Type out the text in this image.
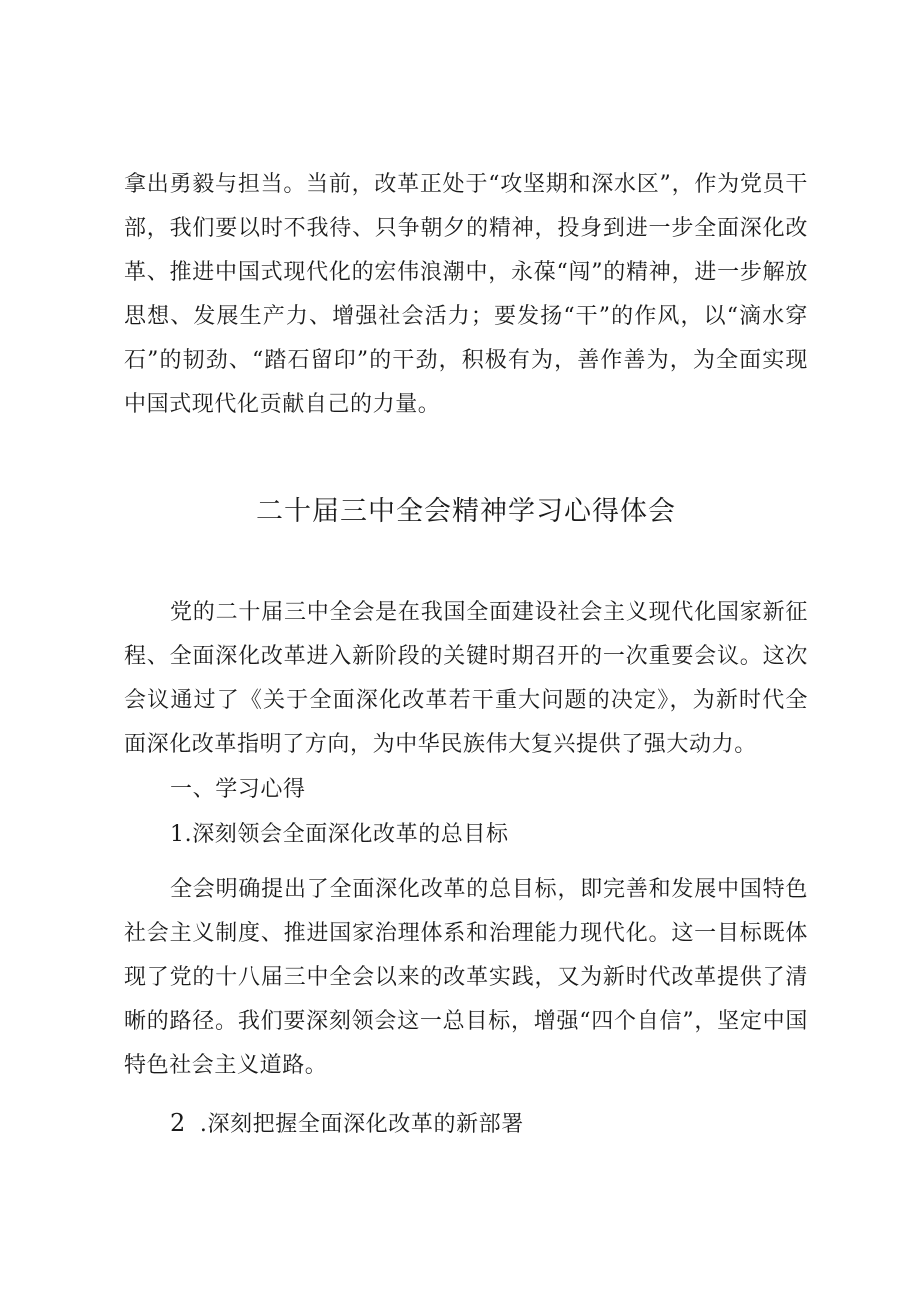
拿出勇毅与担当。当前，改革正处于“攻坚期和深水区”，作为党员干部，我们要以时不我待、只争朝夕的精神，投身到进一步全面深化改革、推进中国式现代化的宏伟浪潮中，永葆“闯”的精神，进一步解放思想、发展生产力、增强社会活力；要发扬“干”的作风，以“滴水穿石”的韧劲、“踏石留印”的干劲，积极有为，善作善为，为全面实现中国式现代化贡献自己的力量。

二十届三中全会精神学习心得体会

党的二十届三中全会是在我国全面建设社会主义现代化国家新征程、全面深化改革进入新阶段的关键时期召开的一次重要会议。这次会议通过了《关于全面深化改革若干重大问题的决定》，为新时代全面深化改革指明了方向，为中华民族伟大复兴提供了强大动力。

一、学习心得

1.深刻领会全面深化改革的总目标

全会明确提出了全面深化改革的总目标，即完善和发展中国特色社会主义制度、推进国家治理体系和治理能力现代化。这一目标既体现了党的十八届三中全会以来的改革实践，又为新时代改革提供了清晰的路径。我们要深刻领会这一总目标，增强“四个自信”，坚定中国特色社会主义道路。

2 .深刻把握全面深化改革的新部署
